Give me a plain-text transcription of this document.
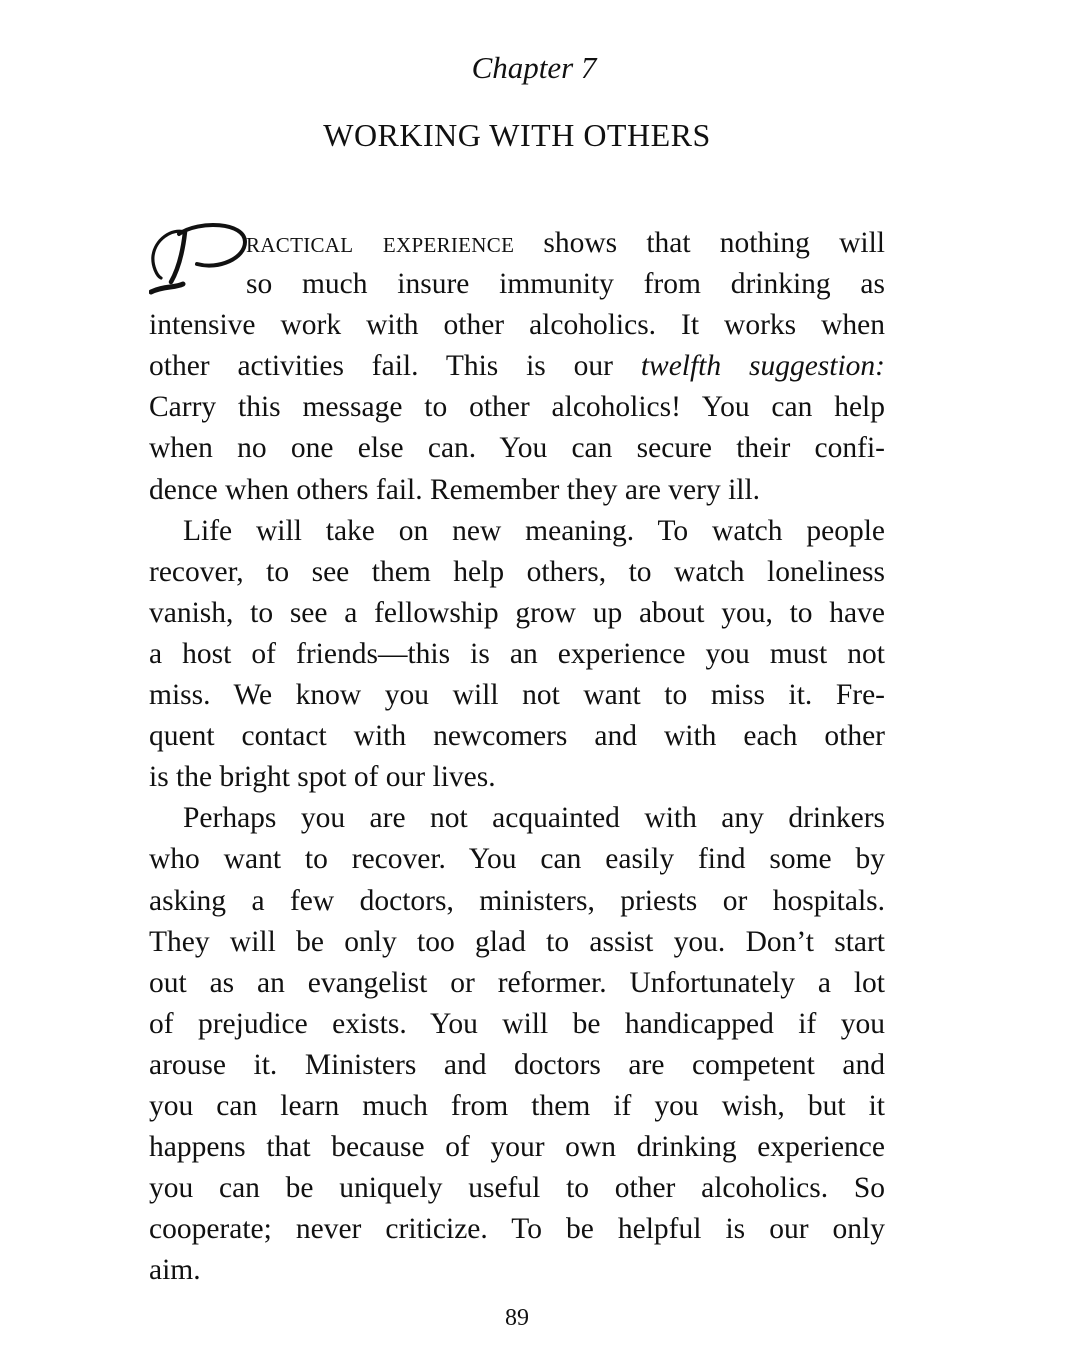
Chapter 7
WORKING WITH OTHERS
ractical experience shows that nothing will
so much insure immunity from drinking as
intensive work with other alcoholics. It works when
other activities fail. This is our twelfth suggestion:
Carry this message to other alcoholics! You can help
when no one else can. You can secure their confi-
dence when others fail. Remember they are very ill.
Life will take on new meaning. To watch people
recover, to see them help others, to watch loneliness
vanish, to see a fellowship grow up about you, to have
a host of friends—this is an experience you must not
miss. We know you will not want to miss it. Fre-
quent contact with newcomers and with each other
is the bright spot of our lives.
Perhaps you are not acquainted with any drinkers
who want to recover. You can easily find some by
asking a few doctors, ministers, priests or hospitals.
They will be only too glad to assist you. Don’t start
out as an evangelist or reformer. Unfortunately a lot
of prejudice exists. You will be handicapped if you
arouse it. Ministers and doctors are competent and
you can learn much from them if you wish, but it
happens that because of your own drinking experience
you can be uniquely useful to other alcoholics. So
cooperate; never criticize. To be helpful is our only
aim.
89
